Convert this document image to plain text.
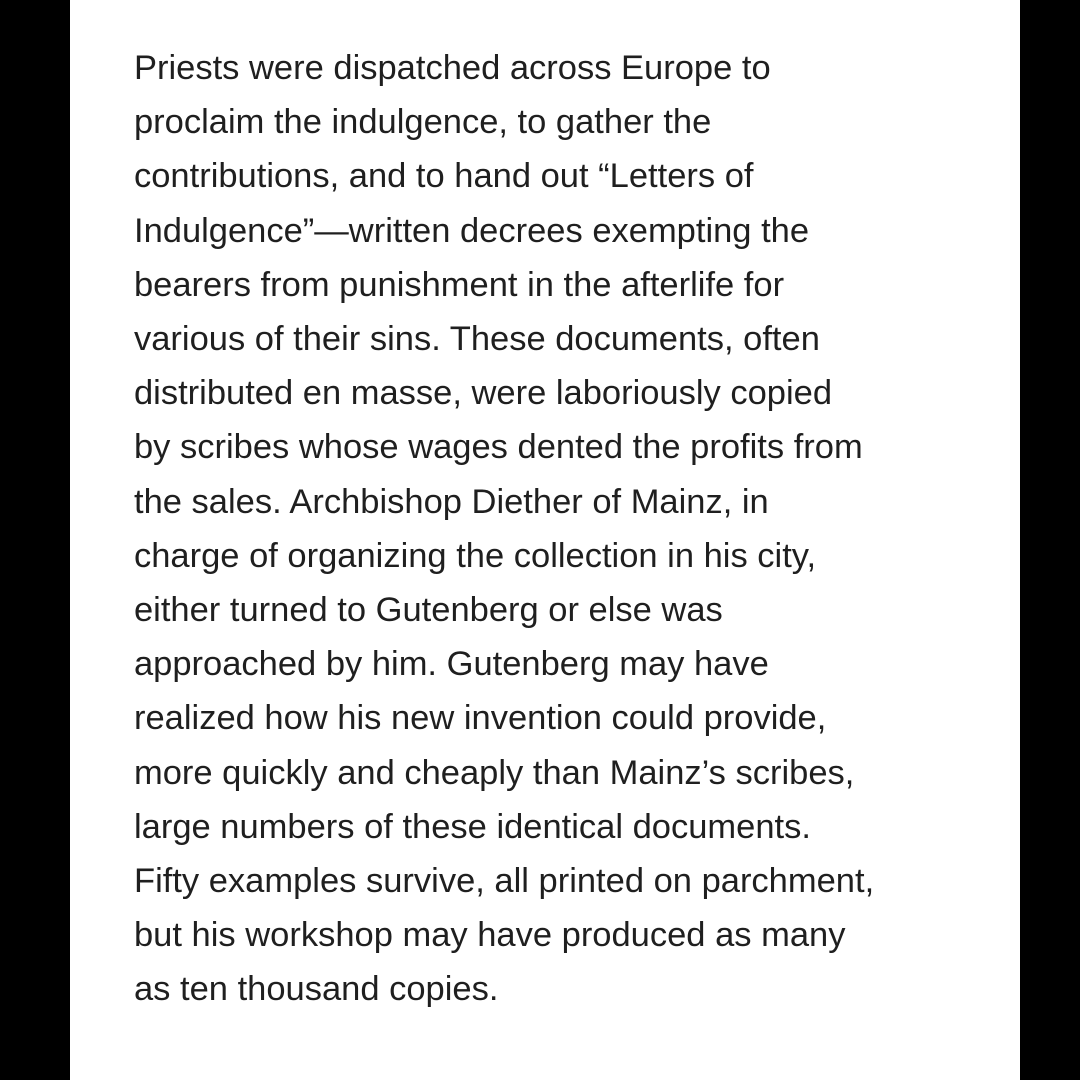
Priests were dispatched across Europe to
proclaim the indulgence, to gather the
contributions, and to hand out “Letters of
Indulgence”—written decrees exempting the
bearers from punishment in the afterlife for
various of their sins. These documents, often
distributed en masse, were laboriously copied
by scribes whose wages dented the profits from
the sales. Archbishop Diether of Mainz, in
charge of organizing the collection in his city,
either turned to Gutenberg or else was
approached by him. Gutenberg may have
realized how his new invention could provide,
more quickly and cheaply than Mainz’s scribes,
large numbers of these identical documents.
Fifty examples survive, all printed on parchment,
but his workshop may have produced as many
as ten thousand copies.
